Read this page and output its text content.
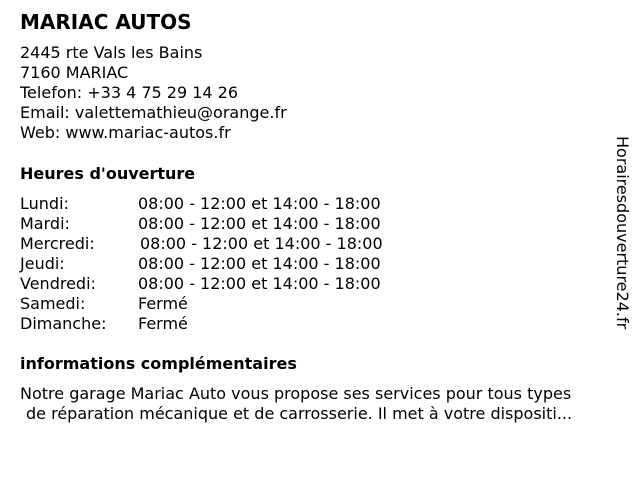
MARIAC AUTOS
2445 rte Vals les Bains
7160 MARIAC
Telefon: +33 4 75 29 14 26
Email: valettemathieu@orange.fr
Web: www.mariac-autos.fr
Heures d'ouverture
Lundi:	08:00 - 12:00 et 14:00 - 18:00
Mardi:	08:00 - 12:00 et 14:00 - 18:00
Mercredi:	08:00 - 12:00 et 14:00 - 18:00
Jeudi:	08:00 - 12:00 et 14:00 - 18:00
Vendredi:	08:00 - 12:00 et 14:00 - 18:00
Samedi:	Fermé
Dimanche: Fermé
informations complémentaires
Notre garage Mariac Auto vous propose ses services pour tous types
de réparation mécanique et de carrosserie. Il met à votre dispositi...
Horairesdouverture24.fr
